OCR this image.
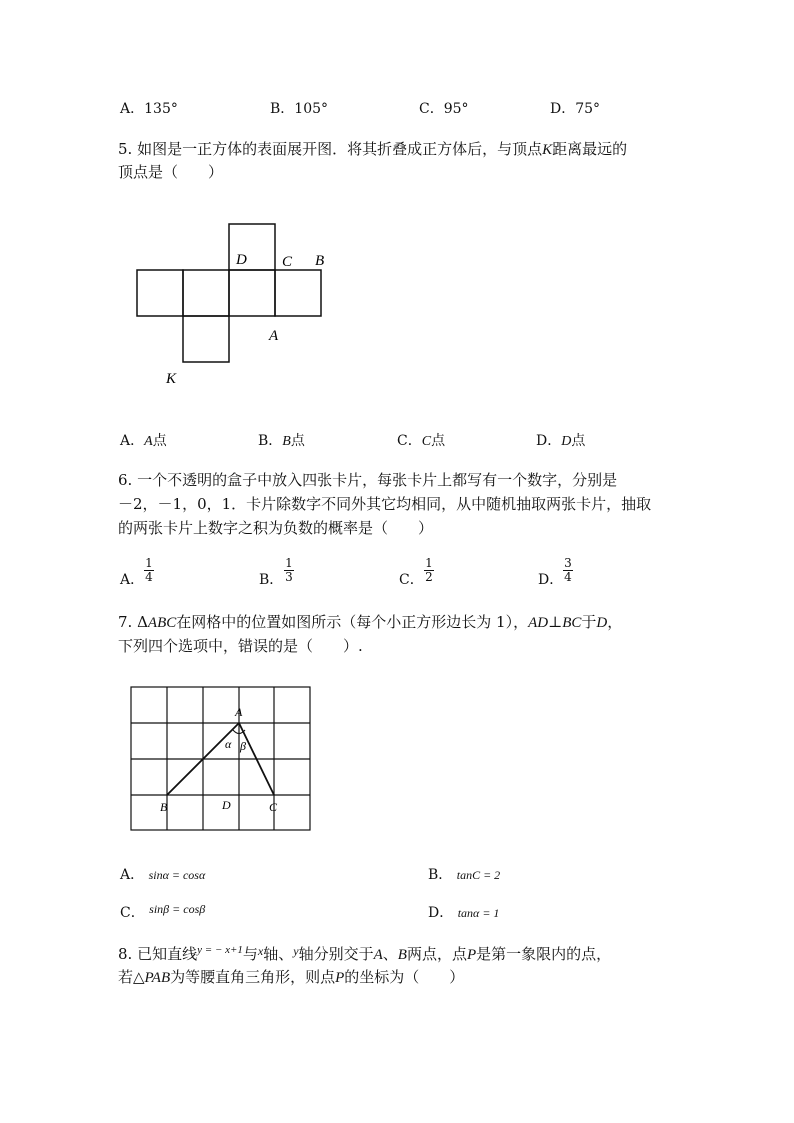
A．135°	B．105°	C．95°	D．75°
5. 如图是一正方体的表面展开图．将其折叠成正方体后，与顶点K距离最远的
顶点是（　　）
D C B
A
K
A．A点	B．B点	C．C点	D．D点
6. 一个不透明的盒子中放入四张卡片，每张卡片上都写有一个数字，分别是
－2，－1，0，1．卡片除数字不同外其它均相同，从中随机抽取两张卡片，抽取
的两张卡片上数字之积为负数的概率是（　　）
A．
1
4	B．
1
3	C．
1
2	D．
3
4
7. ΔABC在网格中的位置如图所示（每个小正方形边长为 1），AD⊥BC于D，
下列四个选项中，错误的是（　　）.
A
B	C
D
α β
A． sinα = cosα	B． tanC = 2
C． sinβ = cosβ	D． tanα = 1
8. 已知直线$^{y = - x+1}$与$^x$轴、$^y$轴分别交于A、B两点，点P是第一象限内的点，
若△PAB为等腰直角三角形，则点P的坐标为（　　）
